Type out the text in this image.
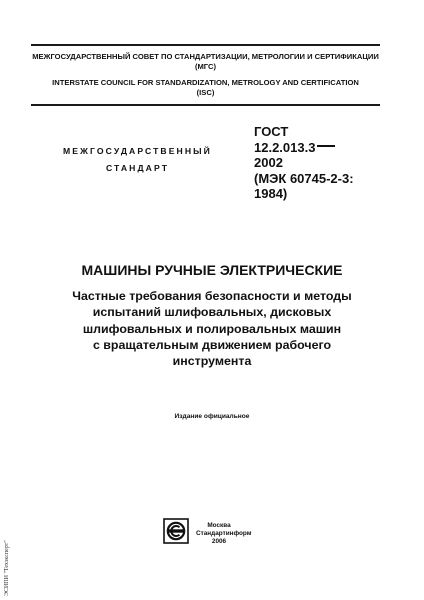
МЕЖГОСУДАРСТВЕННЫЙ СОВЕТ ПО СТАНДАРТИЗАЦИИ, МЕТРОЛОГИИ И СЕРТИФИКАЦИИ
(МГС)
INTERSTATE COUNCIL FOR STANDARDIZATION, METROLOGY AND CERTIFICATION
(ISC)
МЕЖГОСУДАРСТВЕННЫЙ
СТАНДАРТ
ГОСТ
12.2.013.3
2002
(МЭК 60745-2-3:
1984)
МАШИНЫ РУЧНЫЕ ЭЛЕКТРИЧЕСКИЕ
Частные требования безопасности и методы
испытаний шлифовальных, дисковых
шлифовальных и полировальных машин
с вращательным движением рабочего
инструмента
Издание официальное
Москва
Стандартинформ
2006
ЭСИПИ "Техэксперт"
